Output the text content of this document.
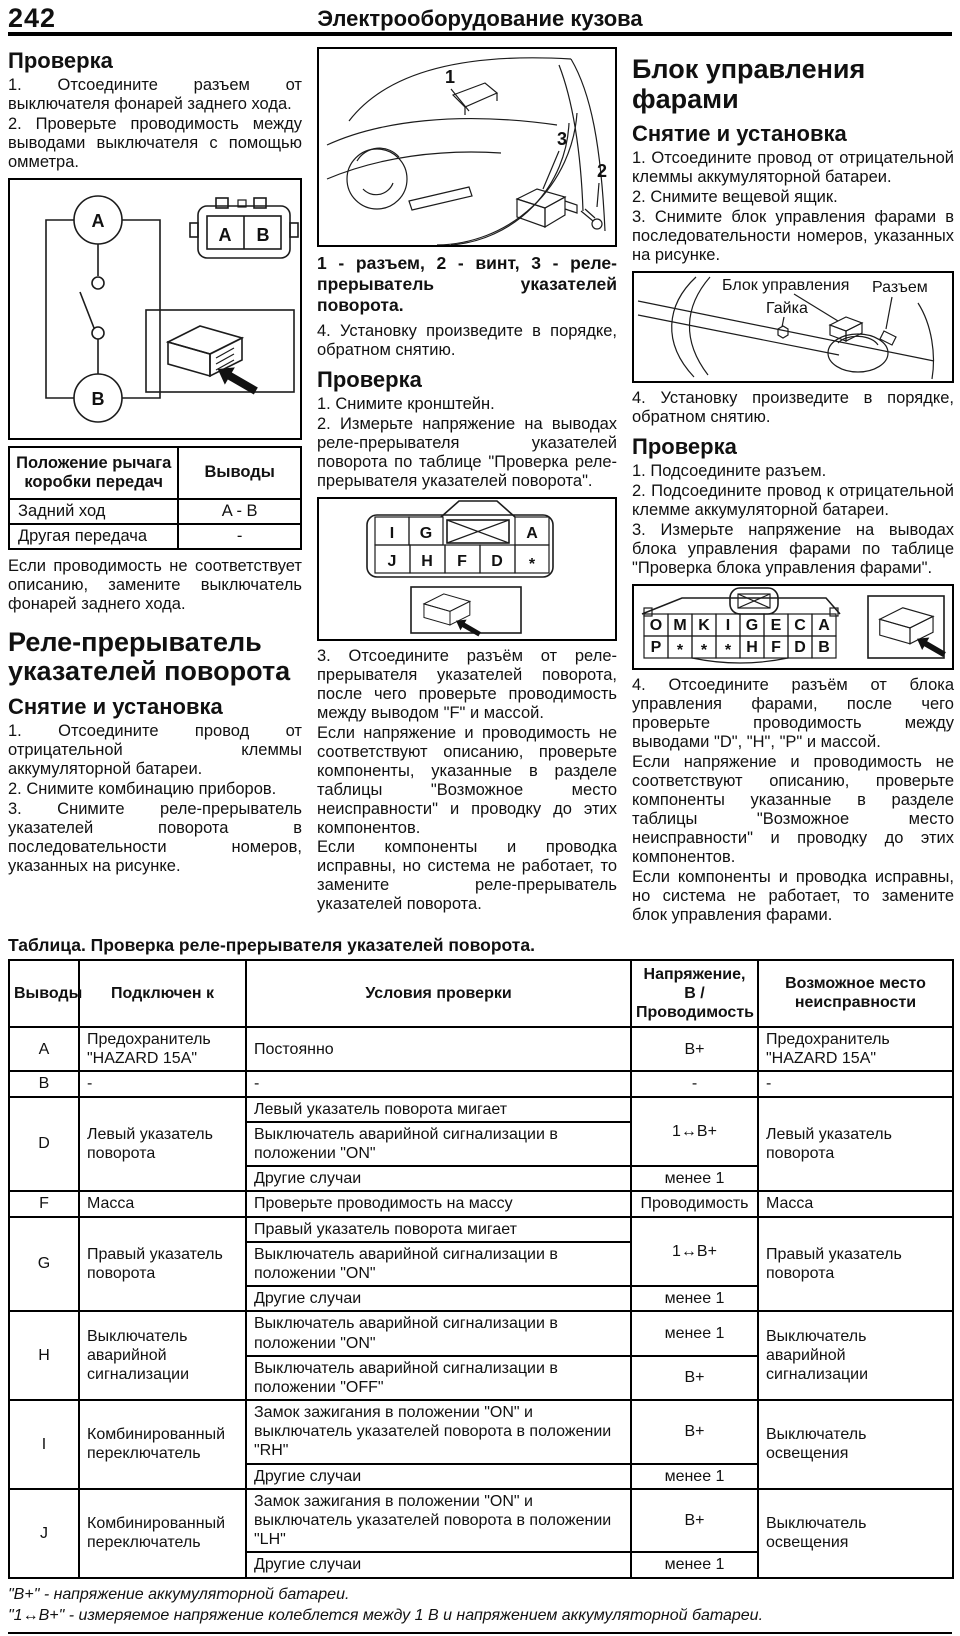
242	Электрооборудование кузова
Проверка

1. Отсоедините разъем от выключателя фонарей заднего хода.

2. Проверьте проводимость между выводами выключателя с помощью омметра.

A
B
A B
Положение рычага коробки передач	Выводы
Задний ход	A - B
Другая передача	-

Если проводимость не соответствует описанию, замените выключатель фонарей заднего хода.

Реле-прерыватель указателей поворота
Снятие и установка

1. Отсоедините провод от отрицательной клеммы аккумуляторной батареи.

2. Снимите комбинацию приборов.

3. Снимите реле-прерыватель указателей поворота в последовательности номеров, указанных на рисунке.

1
3
2

1 - разъем, 2 - винт, 3 - реле-прерыватель указателей поворота.

4. Установку произведите в порядке, обратном снятию.

Проверка

1. Снимите кронштейн.

2. Измерьте напряжение на выводах реле-прерывателя указателей поворота по таблице "Проверка реле-прерывателя указателей поворота".

I G	A
J H F D *

3. Отсоедините разъём от реле-прерывателя указателей поворота, после чего проверьте проводимость между выводом "F" и массой.

Если напряжение и проводимость не соответствуют описанию, проверьте компоненты, указанные в разделе таблицы "Возможное место неисправности" и проводку до этих компонентов.

Если компоненты и проводка исправны, но система не работает, то замените реле-прерыватель указателей поворота.

Блок управления фарами
Снятие и установка

1. Отсоедините провод от отрицательной клеммы аккумуляторной батареи.

2. Снимите вещевой ящик.

3. Снимите блок управления фарами в последовательности номеров, указанных на рисунке.

Блок управления Разъем
Гайка

4. Установку произведите в порядке, обратном снятию.

Проверка

1. Подсоедините разъем.

2. Подсоедините провод к отрицательной клемме аккумуляторной батареи.

3. Измерьте напряжение на выводах блока управления фарами по таблице "Проверка блока управления фарами".

O M K I G E C A
P * * * H F D B

4. Отсоедините разъём от блока управления фарами, после чего проверьте проводимость между выводами "D", "H", "P" и массой.

Если напряжение и проводимость не соответствуют описанию, проверьте компоненты указанные в разделе таблицы "Возможное место неисправности" и проводку до этих компонентов.

Если компоненты и проводка исправны, но система не работает, то замените блок управления фарами.

Таблица. Проверка реле-прерывателя указателей поворота.
Выводы	Подключен к	Условия проверки	Напряжение, В / Проводимость	Возможное место неисправности
A	Предохранитель "HAZARD 15A"	Постоянно	B+	Предохранитель "HAZARD 15A"
B	-	-	-	-
D	Левый указатель поворота	Левый указатель поворота мигает	1↔B+	Левый указатель поворота
		Выключатель аварийной сигнализации в положении "ON"		
		Другие случаи	менее 1	
F	Масса	Проверьте проводимость на массу	Проводимость	Масса
G	Правый указатель поворота	Правый указатель поворота мигает	1↔B+	Правый указатель поворота
		Выключатель аварийной сигнализации в положении "ON"		
		Другие случаи	менее 1	
H	Выключатель аварийной сигнализации	Выключатель аварийной сигнализации в положении "ON"	менее 1	Выключатель аварийной сигнализации
		Выключатель аварийной сигнализации в положении "OFF"	B+	
I	Комбинированный переключатель	Замок зажигания в положении "ON" и выключатель указателей поворота в положении "RH"	B+	Выключатель освещения
		Другие случаи	менее 1	
J	Комбинированный переключатель	Замок зажигания в положении "ON" и выключатель указателей поворота в положении "LH"	B+	Выключатель освещения
		Другие случаи	менее 1	

"B+" - напряжение аккумуляторной батареи.

"1↔B+" - измеряемое напряжение колеблется между 1 В и напряжением аккумуляторной батареи.
